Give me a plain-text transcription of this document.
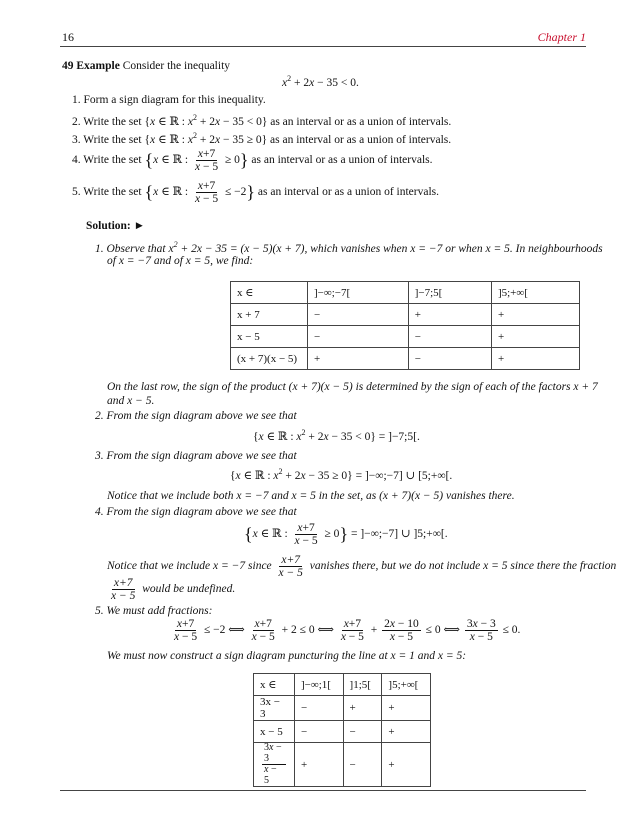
16	Chapter 1
49 Example Consider the inequality
$x^2 + 2x - 35 < 0$.
1. Form a sign diagram for this inequality.
2. Write the set {x ∈ ℝ : $x^2 + 2x - 35 < 0$} as an interval or as a union of intervals.
3. Write the set {x ∈ ℝ : $x^2 + 2x - 35 \ge 0$} as an interval or as a union of intervals.
4. Write the set {x ∈ ℝ : $\frac{x+7}{x - 5} \ge 0$} as an interval or as a union of intervals.
5. Write the set {x ∈ ℝ : $\frac{x+7}{x - 5} \le -2$} as an interval or as a union of intervals.
Solution: ►
1. Observe that $x^2 + 2x - 35 = (x - 5)(x + 7)$, which vanishes when x = −7 or when x = 5. In neighbourhoods
of x = −7 and of x = 5, we find:
x ∈	]−∞;−7[	]−7;5[	]5;+∞[
x + 7	−	+	+
x − 5	−	−	+
(x + 7)(x − 5)	+	−	+
On the last row, the sign of the product (x + 7)(x − 5) is determined by the sign of each of the factors x + 7
and x − 5.
2. From the sign diagram above we see that
{x ∈ ℝ : $x^2 + 2x - 35 < 0$} = ]−7;5[.
3. From the sign diagram above we see that
{x ∈ ℝ : $x^2 + 2x - 35 \ge 0$} = ]−∞;−7] ∪ [5;+∞[.
Notice that we include both x = −7 and x = 5 in the set, as (x + 7)(x − 5) vanishes there.
4. From the sign diagram above we see that
{x ∈ ℝ : $\frac{x+7}{x - 5} \ge 0$} = ]−∞;−7] ∪ ]5;+∞[.
Notice that we include x = −7 since $\frac{x+7}{x - 5}$ vanishes there, but we do not include x = 5 since there the fraction
$\frac{x+7}{x - 5}$ would be undefined.
5. We must add fractions:
$\frac{x+7}{x - 5} \le -2$ ⟺ $\frac{x+7}{x - 5} + 2 \le 0$ ⟺ $\frac{x+7}{x - 5} + \frac{2x - 10}{x - 5} \le 0$ ⟺ $\frac{3x - 3}{x - 5} \le 0$.
We must now construct a sign diagram puncturing the line at x = 1 and x = 5:
x ∈	]−∞;1[	]1;5[	]5;+∞[
3x − 3	−	+	+
x − 5	−	−	+

$\frac{3x - 3}{x - 5}$	+	−	+
